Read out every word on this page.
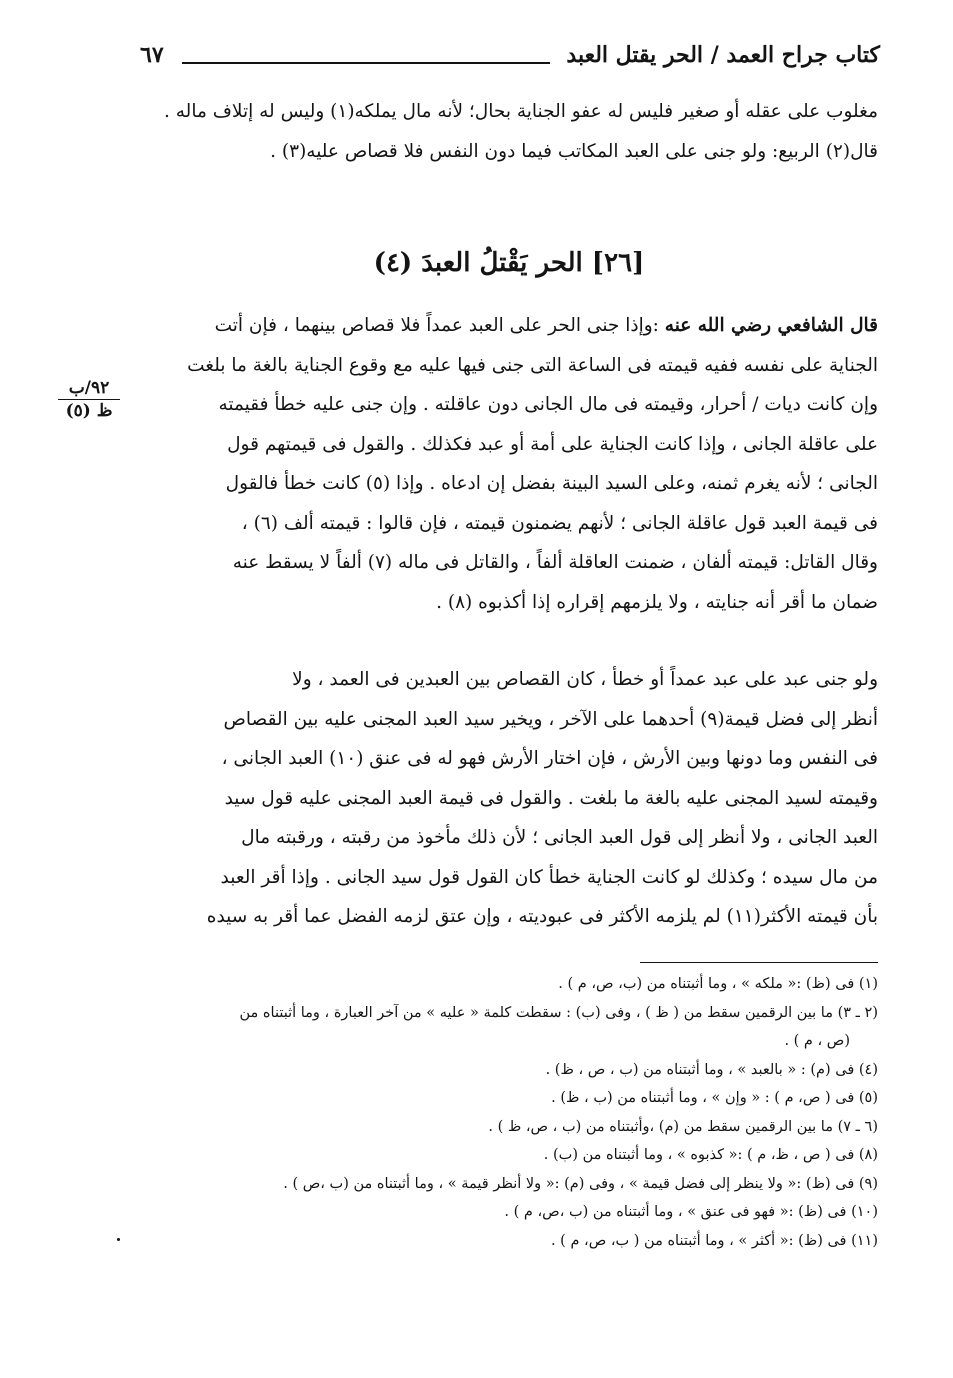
كتاب جراح العمد / الحر يقتل العبد
٦٧
مغلوب على عقله أو صغير فليس له عفو الجناية بحال؛ لأنه مال يملكه(١) وليس له إتلاف ماله .
قال(٢) الربيع: ولو جنى على العبد المكاتب فيما دون النفس فلا قصاص عليه(٣) .
[٢٦] الحر يَقْتلُ العبدَ (٤)
٩٢/ب
ظ (٥)
قال الشافعي رضي الله عنه :وإذا جنى الحر على العبد عمداً فلا قصاص بينهما ، فإن أتت
الجناية على نفسه ففيه قيمته فى الساعة التى جنى فيها عليه مع وقوع الجناية بالغة ما بلغت
وإن كانت ديات / أحرار، وقيمته فى مال الجانى دون عاقلته . وإن جنى عليه خطأ فقيمته
على عاقلة الجانى ، وإذا كانت الجناية على أمة أو عبد فكذلك . والقول فى قيمتهم قول
الجانى ؛ لأنه يغرم ثمنه، وعلى السيد البينة بفضل إن ادعاه . وإذا (٥) كانت خطأ فالقول
فى قيمة العبد قول عاقلة الجانى ؛ لأنهم يضمنون قيمته ، فإن قالوا : قيمته ألف (٦) ،
وقال القاتل: قيمته ألفان ، ضمنت العاقلة ألفاً ، والقاتل فى ماله (٧) ألفاً لا يسقط عنه
ضمان ما أقر أنه جنايته ، ولا يلزمهم إقراره إذا أكذبوه (٨) .
ولو جنى عبد على عبد عمداً أو خطأ ، كان القصاص بين العبدين فى العمد ، ولا
أنظر إلى فضل قيمة(٩) أحدهما على الآخر ، ويخير سيد العبد المجنى عليه بين القصاص
فى النفس وما دونها وبين الأرش ، فإن اختار الأرش فهو له فى عنق (١٠) العبد الجانى ،
وقيمته لسيد المجنى عليه بالغة ما بلغت . والقول فى قيمة العبد المجنى عليه قول سيد
العبد الجانى ، ولا أنظر إلى قول العبد الجانى ؛ لأن ذلك مأخوذ من رقبته ، ورقبته مال
من مال سيده ؛ وكذلك لو كانت الجناية خطأ كان القول قول سيد الجانى . وإذا أقر العبد
بأن قيمته الأكثر(١١) لم يلزمه الأكثر فى عبوديته ، وإن عتق لزمه الفضل عما أقر به سيده
(١) فى (ظ) :« ملكه » ، وما أثبتناه من (ب، ص، م ) .
(٢ ـ ٣) ما بين الرقمين سقط من ( ظ ) ، وفى (ب) : سقطت كلمة « عليه » من آخر العبارة ، وما أثبتناه من
(ص ، م ) .
(٤) فى (م) : « بالعبد » ، وما أثبتناه من (ب ، ص ، ظ) .
(٥) فى ( ص، م ) : « وإن » ، وما أثبتناه من (ب ، ظ) .
(٦ ـ ٧) ما بين الرقمين سقط من (م) ،وأثبتناه من (ب ، ص، ظ ) .
(٨) فى ( ص ، ظ، م ) :« كذبوه » ، وما أثبتناه من (ب) .
(٩) فى (ظ) :« ولا ينظر إلى فضل قيمة » ، وفى (م) :« ولا أنظر قيمة » ، وما أثبتناه من (ب ،ص ) .
(١٠) فى (ظ) :« فهو فى عنق » ، وما أثبتناه من (ب ،ص، م ) .
(١١) فى (ظ) :« أكثر » ، وما أثبتناه من ( ب، ص، م ) .
